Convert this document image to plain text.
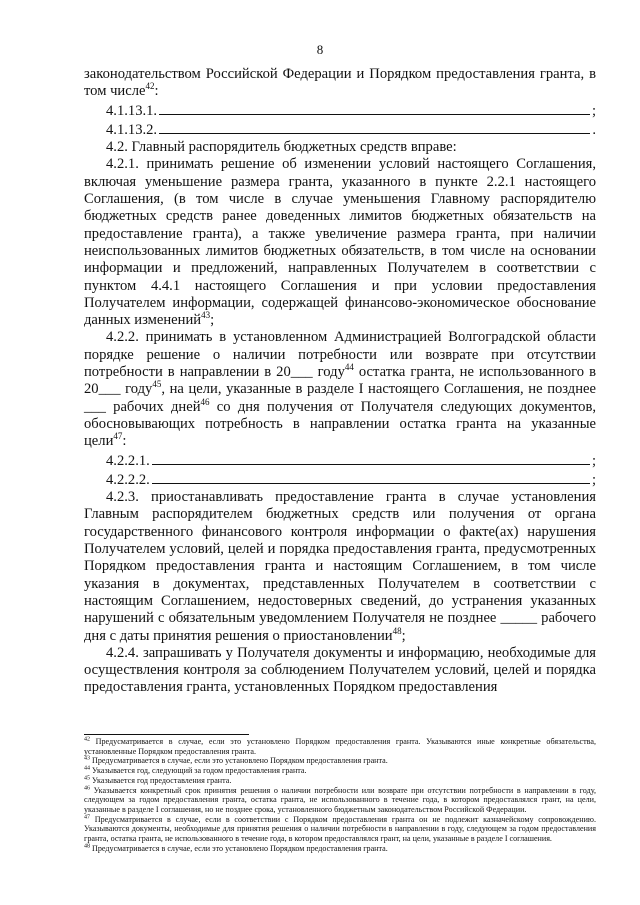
8

законодательством Российской Федерации и Порядком предоставления гранта, в том числе$^{42}$:

4.1.13.1.	;
4.1.13.2.	.

4.2. Главный распорядитель бюджетных средств вправе:

4.2.1. принимать решение об изменении условий настоящего Соглашения, включая уменьшение размера гранта, указанного в пункте 2.2.1 настоящего Соглашения, (в том числе в случае уменьшения Главному распорядителю бюджетных средств ранее доведенных лимитов бюджетных обязательств на предоставление гранта), а также увеличение размера гранта, при наличии неиспользованных лимитов бюджетных обязательств, в том числе на основании информации и предложений, направленных Получателем в соответствии с пунктом 4.4.1 настоящего Соглашения и при условии предоставления Получателем информации, содержащей финансово-экономическое обоснование данных изменений$^{43}$;

4.2.2. принимать в установленном Администрацией Волгоградской области порядке решение о наличии потребности или возврате при отсутствии потребности в направлении в 20___ году$^{44}$ остатка гранта, не использованного в 20___ году$^{45}$, на цели, указанные в разделе I настоящего Соглашения, не позднее ___ рабочих дней$^{46}$ со дня получения от Получателя следующих документов, обосновывающих потребность в направлении остатка гранта на указанные цели$^{47}$:

4.2.2.1.	;
4.2.2.2.	;

4.2.3. приостанавливать предоставление гранта в случае установления Главным распорядителем бюджетных средств или получения от органа государственного финансового контроля информации о факте(ах) нарушения Получателем условий, целей и порядка предоставления гранта, предусмотренных Порядком предоставления гранта и настоящим Соглашением, в том числе указания в документах, представленных Получателем в соответствии с настоящим Соглашением, недостоверных сведений, до устранения указанных нарушений с обязательным уведомлением Получателя не позднее _____ рабочего дня с даты принятия решения о приостановлении$^{48}$;

4.2.4. запрашивать у Получателя документы и информацию, необходимые для осуществления контроля за соблюдением Получателем условий, целей и порядка предоставления гранта, установленных Порядком предоставления

$^{42}$ Предусматривается в случае, если это установлено Порядком предоставления гранта. Указываются иные конкретные обязательства, установленные Порядком предоставления гранта.

$^{43}$ Предусматривается в случае, если это установлено Порядком предоставления гранта.

$^{44}$ Указывается год, следующий за годом предоставления гранта.

$^{45}$ Указывается год предоставления гранта.

$^{46}$ Указывается конкретный срок принятия решения о наличии потребности или возврате при отсутствии потребности в направлении в году, следующем за годом предоставления гранта, остатка гранта, не использованного в течение года, в котором предоставлялся грант, на цели, указанные в разделе I соглашения, но не позднее срока, установленного бюджетным законодательством Российской Федерации.

$^{47}$ Предусматривается в случае, если в соответствии с Порядком предоставления гранта он не подлежит казначейскому сопровождению. Указываются документы, необходимые для принятия решения о наличии потребности в направлении в году, следующем за годом предоставления гранта, остатка гранта, не использованного в течение года, в котором предоставлялся грант, на цели, указанные в разделе I соглашения.

$^{48}$ Предусматривается в случае, если это установлено Порядком предоставления гранта.
